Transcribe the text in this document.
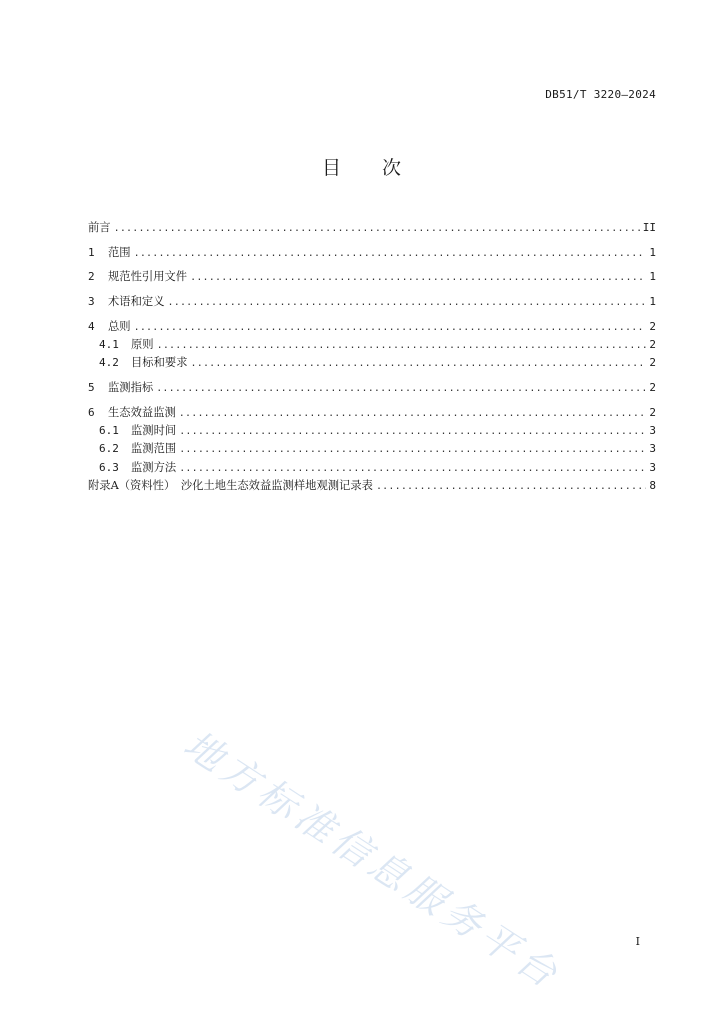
DB51/T 3220—2024
目 次
前言 .....	II
1	范围 .....	1
2	规范性引用文件 .....	1
3	术语和定义 .....	1
4	总则 .....	2
4.1	原则 .....	2
4.2	目标和要求 .....	2
5	监测指标 .....	2
6	生态效益监测 .....	2
6.1	监测时间 .....	3
6.2	监测范围 .....	3
6.3	监测方法 .....	3
附录A（资料性）　沙化土地生态效益监测样地观测记录表 .....	8
地方标准信息服务平台	I
